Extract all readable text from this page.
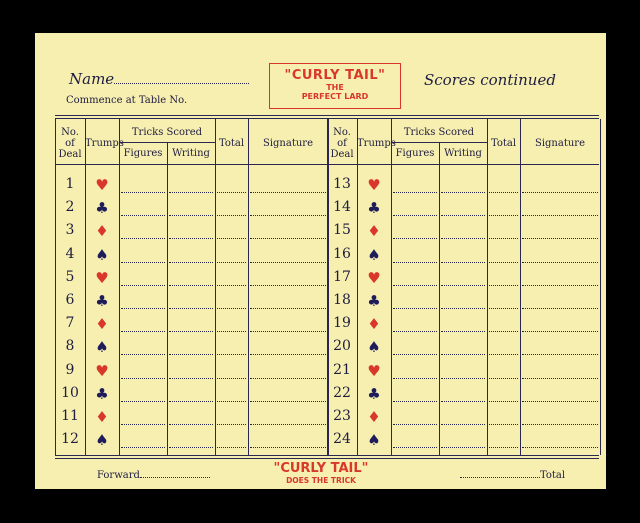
Name
Commence at Table No.
"CURLY TAIL"
THE
PERFECT LARD
Scores continued
No.
of
Deal
Trumps
Tricks Scored
Figures Writing
Total	Signature
1	♥
2	♣
3	♦
4	♠
5	♥
6	♣
7	♦
8	♠
9	♥
10	♣
11	♦
12	♠
No.
of
Deal
Trumps
Tricks Scored
Figures Writing
Total	Signature
13	♥
14	♣
15	♦
16	♠
17	♥
18	♣
19	♦
20	♠
21	♥
22	♣
23	♦
24	♠
Forward	"CURLY TAIL"
DOES THE TRICK	Total
